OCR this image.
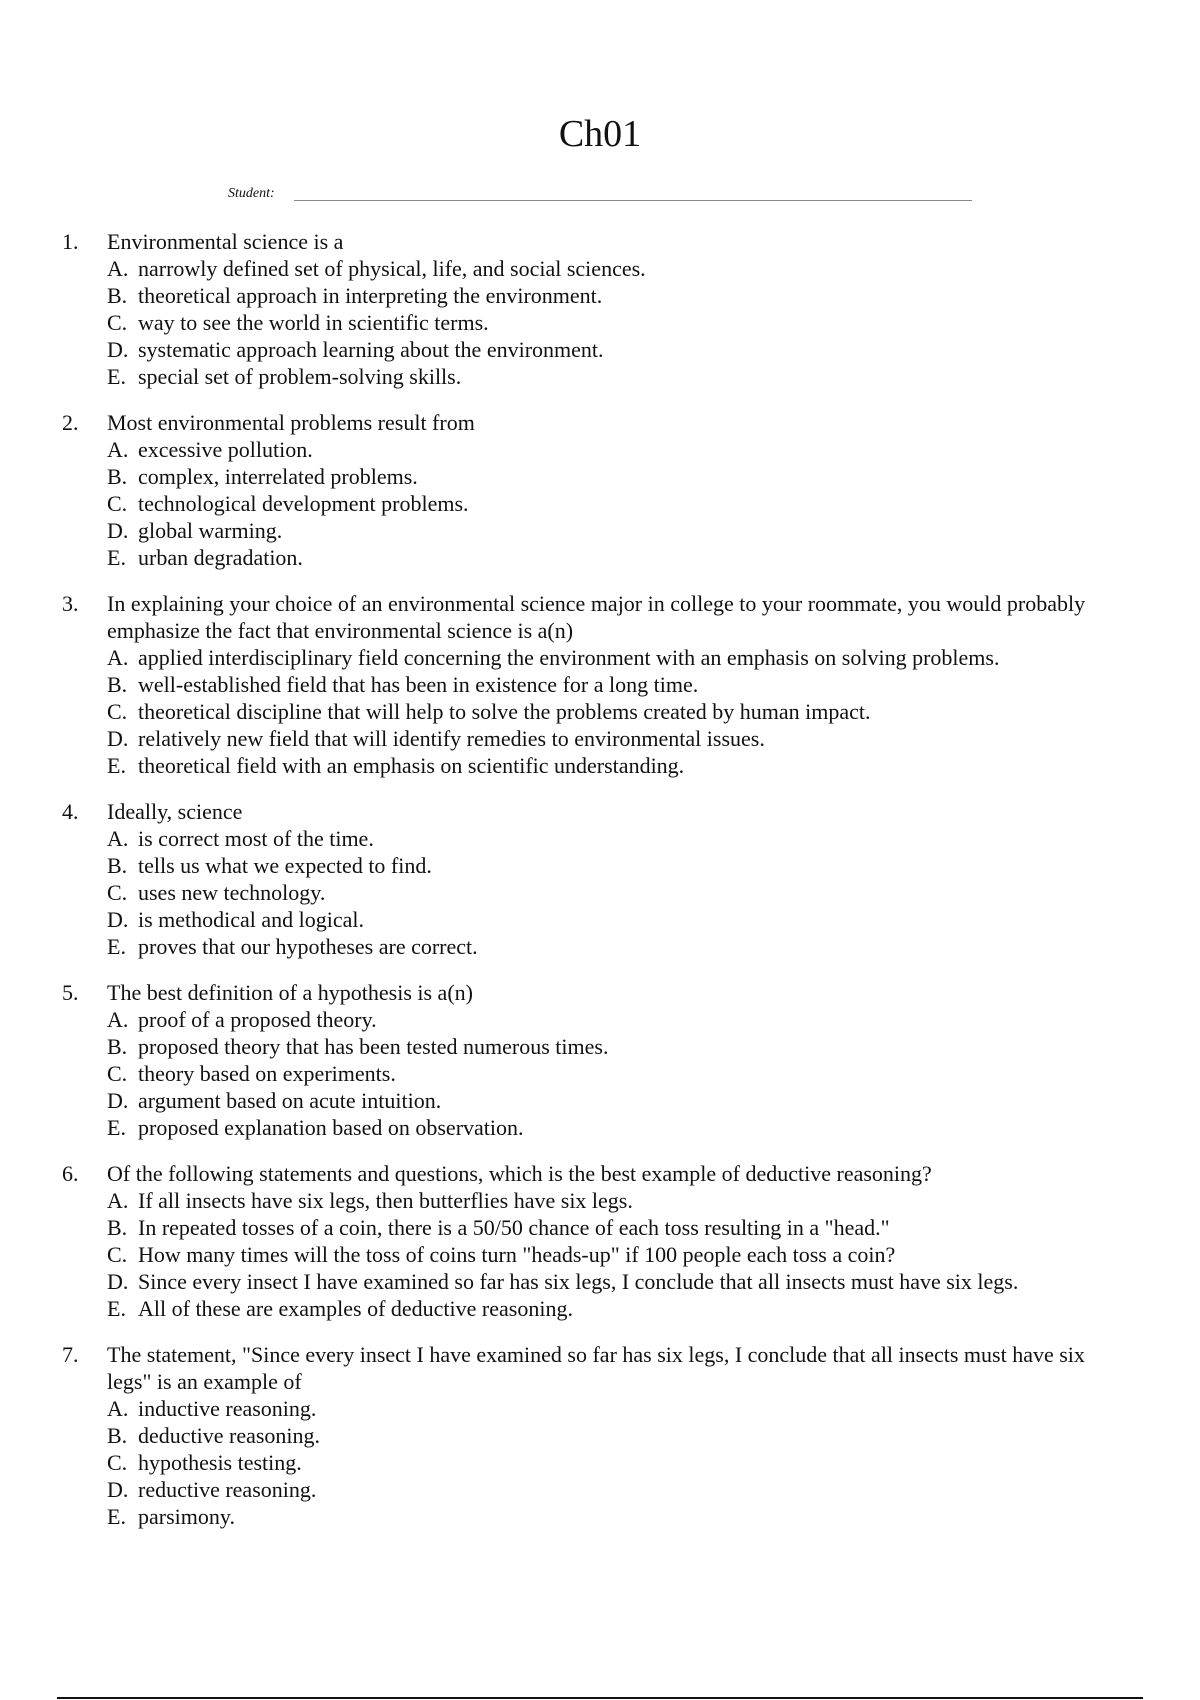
Ch01
Student:
1. Environmental science is a
A. narrowly defined set of physical, life, and social sciences.
B. theoretical approach in interpreting the environment.
C. way to see the world in scientific terms.
D. systematic approach learning about the environment.
E. special set of problem-solving skills.
2. Most environmental problems result from
A. excessive pollution.
B. complex, interrelated problems.
C. technological development problems.
D. global warming.
E. urban degradation.
3. In explaining your choice of an environmental science major in college to your roommate, you would probably emphasize the fact that environmental science is a(n)
A. applied interdisciplinary field concerning the environment with an emphasis on solving problems.
B. well-established field that has been in existence for a long time.
C. theoretical discipline that will help to solve the problems created by human impact.
D. relatively new field that will identify remedies to environmental issues.
E. theoretical field with an emphasis on scientific understanding.
4. Ideally, science
A. is correct most of the time.
B. tells us what we expected to find.
C. uses new technology.
D. is methodical and logical.
E. proves that our hypotheses are correct.
5. The best definition of a hypothesis is a(n)
A. proof of a proposed theory.
B. proposed theory that has been tested numerous times.
C. theory based on experiments.
D. argument based on acute intuition.
E. proposed explanation based on observation.
6. Of the following statements and questions, which is the best example of deductive reasoning?
A. If all insects have six legs, then butterflies have six legs.
B. In repeated tosses of a coin, there is a 50/50 chance of each toss resulting in a "head."
C. How many times will the toss of coins turn "heads-up" if 100 people each toss a coin?
D. Since every insect I have examined so far has six legs, I conclude that all insects must have six legs.
E. All of these are examples of deductive reasoning.
7. The statement, "Since every insect I have examined so far has six legs, I conclude that all insects must have six legs" is an example of
A. inductive reasoning.
B. deductive reasoning.
C. hypothesis testing.
D. reductive reasoning.
E. parsimony.
